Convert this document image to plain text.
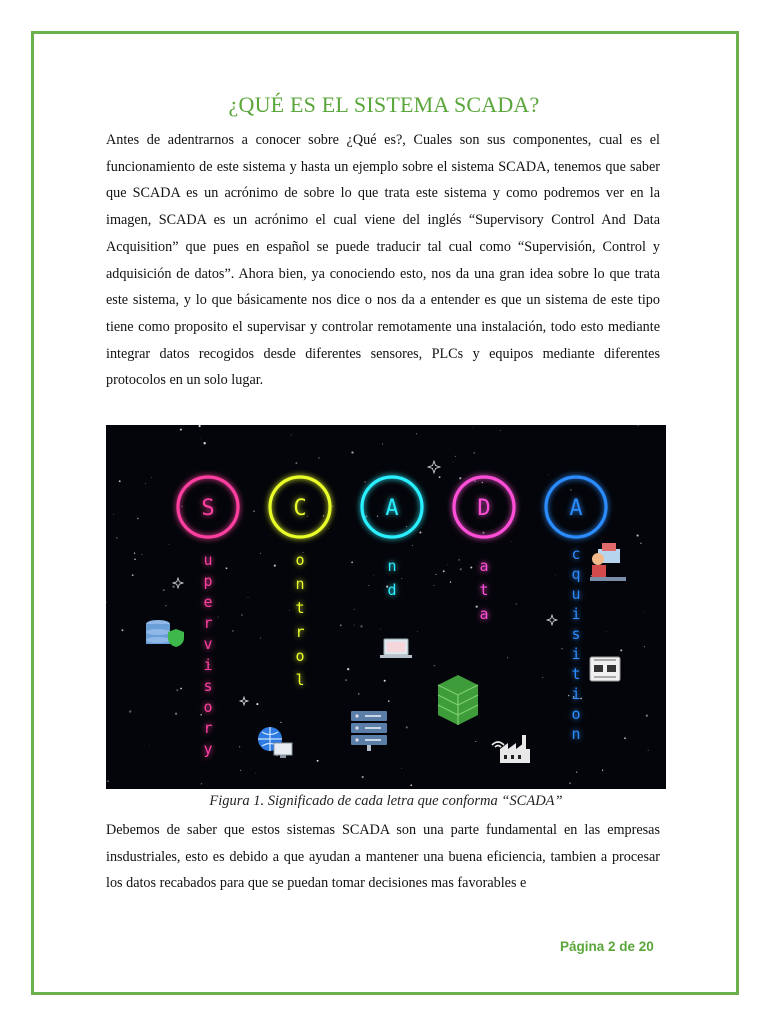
¿QUÉ ES EL SISTEMA SCADA?
Antes de adentrarnos a conocer sobre ¿Qué es?, Cuales son sus componentes, cual es el funcionamiento de este sistema y hasta un ejemplo sobre el sistema SCADA, tenemos que saber que SCADA es un acrónimo de sobre lo que trata este sistema y como podremos ver en la imagen, SCADA es un acrónimo el cual viene del inglés “Supervisory Control And Data Acquisition” que pues en español se puede traducir tal cual como “Supervisión, Control y adquisición de datos”. Ahora bien, ya conociendo esto, nos da una gran idea sobre lo que trata este sistema, y lo que básicamente nos dice o nos da a entender es que un sistema de este tipo tiene como proposito el supervisar y controlar remotamente una instalación, todo esto mediante integrar datos recogidos desde diferentes sensores, PLCs y equipos mediante diferentes protocolos en un solo lugar.
S	C	A	D	A
u p e r v i s o r y
o n t r o l
n d
a t a
c q u i s i t i o n
Figura 1. Significado de cada letra que conforma “SCADA”
Debemos de saber que estos sistemas SCADA son una parte fundamental en las empresas insdustriales, esto es debido a que ayudan a mantener una buena eficiencia, tambien a procesar los datos recabados para que se puedan tomar decisiones mas favorables e
Página 2 de 20
